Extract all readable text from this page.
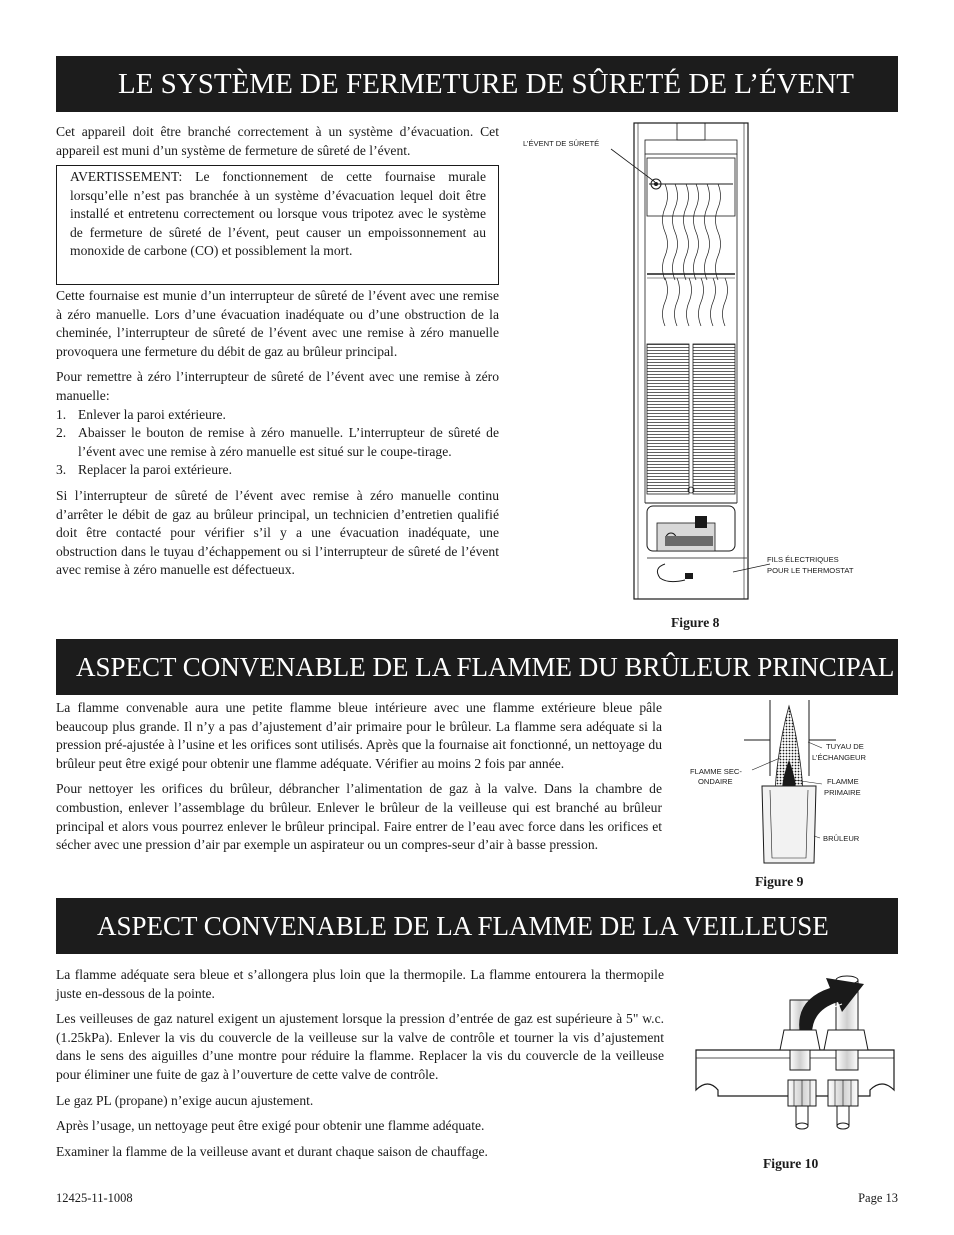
LE SYSTÈME DE FERMETURE DE SÛRETÉ DE L’ÉVENT
Cet appareil doit être branché correctement à un système d’évacuation. Cet appareil est muni d’un système de fermeture de sûreté de l’évent.
AVERTISSEMENT: Le fonctionnement de cette fournaise murale lorsqu’elle n’est pas branchée à un système d’évacuation lequel doit être installé et entretenu correctement ou lorsque vous tripotez avec le système de fermeture de sûreté de l’évent, peut causer un empoissonnement au monoxide de carbone (CO) et possiblement la mort.

Cette fournaise est munie d’un interrupteur de sûreté de l’évent avec une remise à zéro manuelle. Lors d’une évacuation inadéquate ou d’une obstruction de la cheminée, l’interrupteur de sûreté de l’évent avec une remise à zéro manuelle provoquera une fermeture du débit de gaz au brûleur principal.

Pour remettre à zéro l’interrupteur de sûreté de l’évent avec une remise à zéro manuelle:

1. Enlever la paroi extérieure.
2. Abaisser le bouton de remise à zéro manuelle. L’interrupteur de sûreté de l’évent avec une remise à zéro manuelle est situé sur le coupe-tirage.
3. Replacer la paroi extérieure.

Si l’interrupteur de sûreté de l’évent avec remise à zéro manuelle continu d’arrêter le débit de gaz au brûleur principal, un technicien d’entretien qualifié doit être contacté pour vérifier s’il y a une évacuation inadéquate, une obstruction dans le tuyau d’échappement ou si l’interrupteur de sûreté de l’évent avec remise à zéro manuelle est défectueux.

L’ÉVENT DE SÛRETÉ
FILS ÉLECTRIQUES
POUR LE THERMOSTAT
Figure 8
ASPECT CONVENABLE DE LA FLAMME DU BRÛLEUR PRINCIPAL

La flamme convenable aura une petite flamme bleue intérieure avec une flamme extérieure bleue pâle beaucoup plus grande. Il n’y a pas d’ajustement d’air primaire pour le brûleur. La flamme sera adéquate si la pression pré-ajustée à l’usine et les orifices sont utilisés. Après que la fournaise ait fonctionné, un nettoyage du brûleur peut être exigé pour obtenir une flamme adéquate. Vérifier au moins 2 fois par année.

Pour nettoyer les orifices du brûleur, débrancher l’alimentation de gaz à la valve. Dans la chambre de combustion, enlever l’assemblage du brûleur. Enlever le brûleur de la veilleuse qui est branché au brûleur principal et alors vous pourrez enlever le brûleur principal. Faire entrer de l’eau avec force dans les orifices et sécher avec une pression d’air par exemple un aspirateur ou un compres-seur d’air à basse pression.

TUYAU DE
L’ÉCHANGEUR
FLAMME SEC-
ONDAIRE	FLAMME
PRIMAIRE
BRÛLEUR
Figure 9
ASPECT CONVENABLE DE LA FLAMME DE LA VEILLEUSE

La flamme adéquate sera bleue et s’allongera plus loin que la thermopile. La flamme entourera la thermopile juste en-dessous de la pointe.

Les veilleuses de gaz naturel exigent un ajustement lorsque la pression d’entrée de gaz est supérieure à 5" w.c. (1.25kPa). Enlever la vis du couvercle de la veilleuse sur la valve de contrôle et tourner la vis d’ajustement dans le sens des aiguilles d’une montre pour réduire la flamme. Replacer la vis du couvercle de la veilleuse pour éliminer une fuite de gaz à l’ouverture de cette valve de contrôle.

Le gaz PL (propane) n’exige aucun ajustement.

Après l’usage, un nettoyage peut être exigé pour obtenir une flamme adéquate.

Examiner la flamme de la veilleuse avant et durant chaque saison de chauffage.

Figure 10
12425-11-1008	Page 13
